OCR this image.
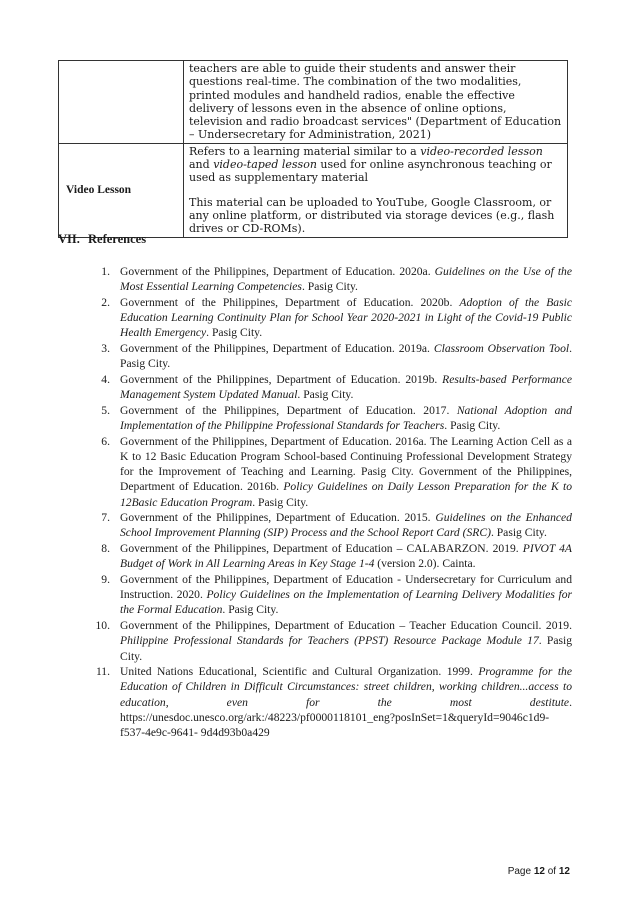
	teachers are able to guide their students and answer their questions real-time. The combination of the two modalities, printed modules and handheld radios, enable the effective delivery of lessons even in the absence of online options, television and radio broadcast services" (Department of Education – Undersecretary for Administration, 2021)

Video Lesson	Refers to a learning material similar to a video-recorded lesson and video-taped lesson used for online asynchronous teaching or used as supplementary material

This material can be uploaded to YouTube, Google Classroom, or any online platform, or distributed via storage devices (e.g., flash drives or CD-ROMs).

VII. References
1. Government of the Philippines, Department of Education. 2020a. Guidelines on the Use of the Most Essential Learning Competencies. Pasig City.
2. Government of the Philippines, Department of Education. 2020b. Adoption of the Basic Education Learning Continuity Plan for School Year 2020-2021 in Light of the Covid-19 Public Health Emergency. Pasig City.
3. Government of the Philippines, Department of Education. 2019a. Classroom Observation Tool. Pasig City.
4. Government of the Philippines, Department of Education. 2019b. Results-based Performance Management System Updated Manual. Pasig City.
5. Government of the Philippines, Department of Education. 2017. National Adoption and Implementation of the Philippine Professional Standards for Teachers. Pasig City.
6. Government of the Philippines, Department of Education. 2016a. The Learning Action Cell as a K to 12 Basic Education Program School-based Continuing Professional Development Strategy for the Improvement of Teaching and Learning. Pasig City. Government of the Philippines, Department of Education. 2016b. Policy Guidelines on Daily Lesson Preparation for the K to 12Basic Education Program. Pasig City.
7. Government of the Philippines, Department of Education. 2015. Guidelines on the Enhanced School Improvement Planning (SIP) Process and the School Report Card (SRC). Pasig City.
8. Government of the Philippines, Department of Education – CALABARZON. 2019. PIVOT 4A Budget of Work in All Learning Areas in Key Stage 1-4 (version 2.0). Cainta.
9. Government of the Philippines, Department of Education - Undersecretary for Curriculum and Instruction. 2020. Policy Guidelines on the Implementation of Learning Delivery Modalities for the Formal Education. Pasig City.
10. Government of the Philippines, Department of Education – Teacher Education Council. 2019. Philippine Professional Standards for Teachers (PPST) Resource Package Module 17. Pasig City.
11. United Nations Educational, Scientific and Cultural Organization. 1999. Programme for the Education of Children in Difficult Circumstances: street children, working children...access to education, even for the most destitute. https://unesdoc.unesco.org/ark:/48223/pf0000118101_eng?posInSet=1&queryId=9046c1d9-f537-4e9c-9641- 9d4d93b0a429
Page 12 of 12
